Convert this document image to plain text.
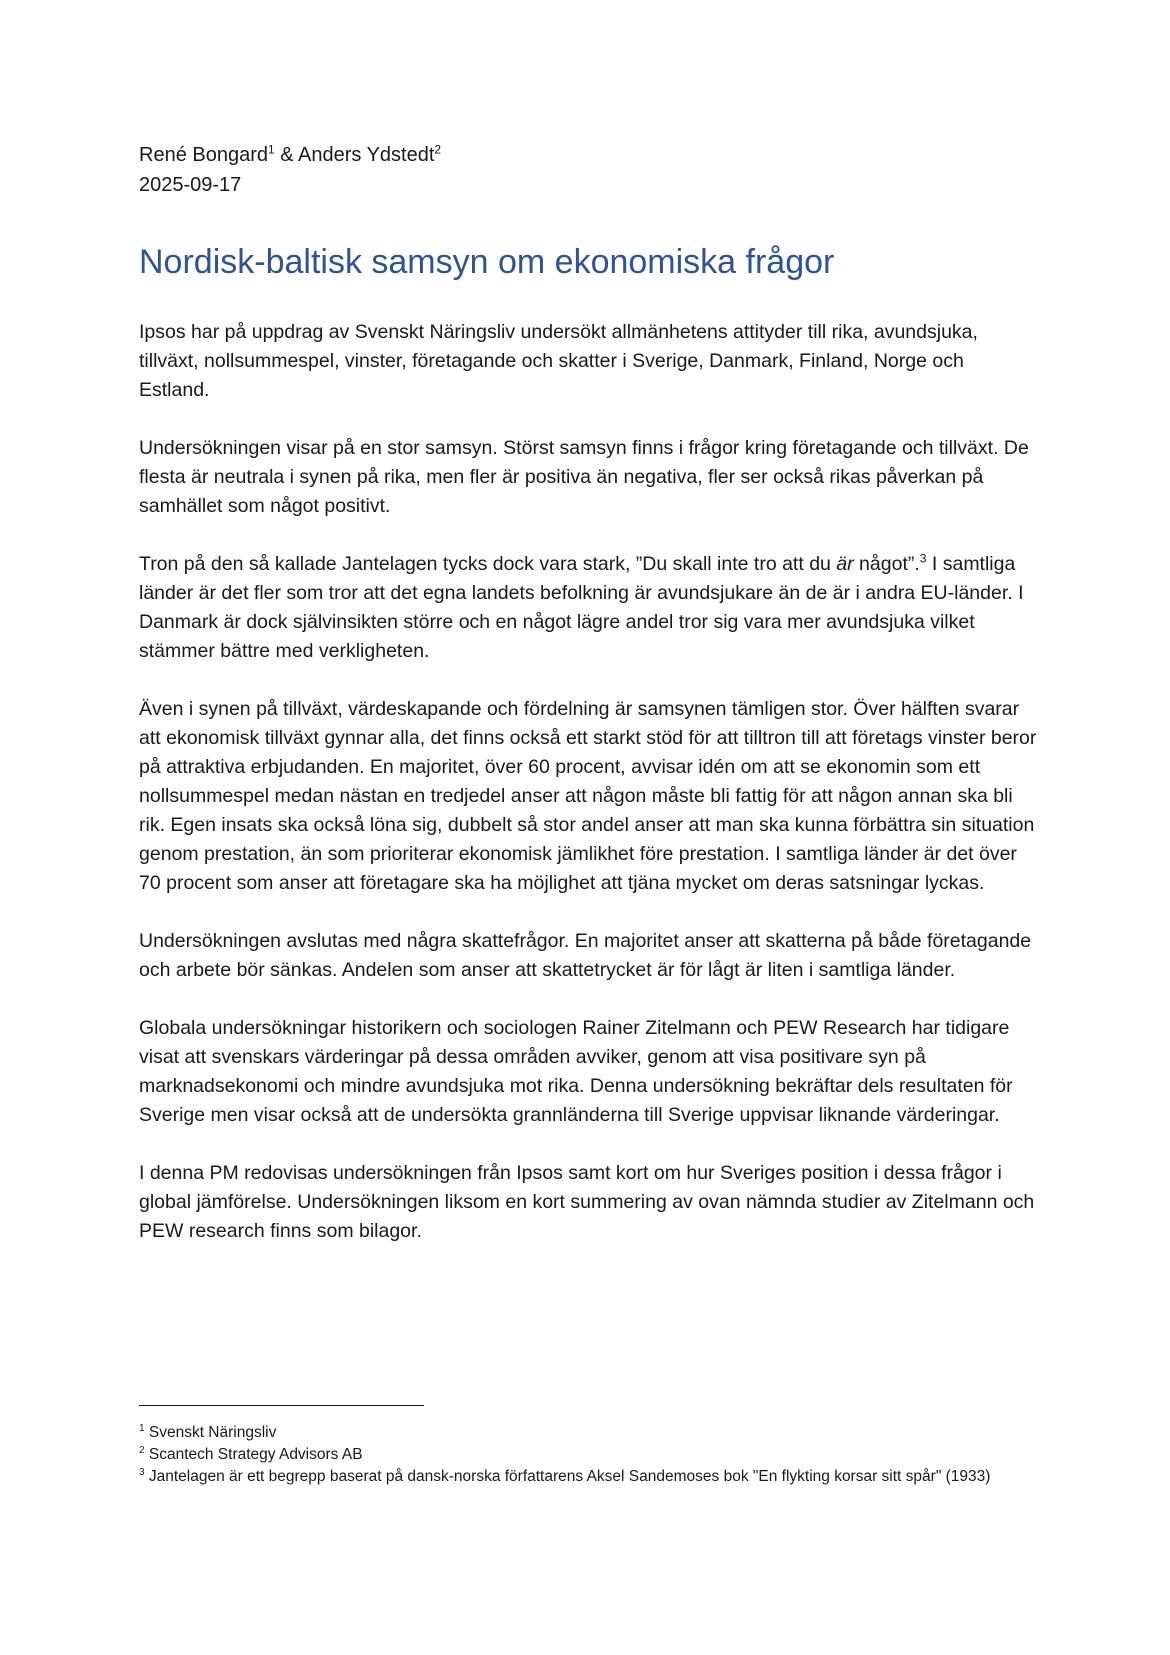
René Bongard$^1$ & Anders Ydstedt$^2$

2025-09-17

Nordisk-baltisk samsyn om ekonomiska frågor

Ipsos har på uppdrag av Svenskt Näringsliv undersökt allmänhetens attityder till rika, avundsjuka, tillväxt, nollsummespel, vinster, företagande och skatter i Sverige, Danmark, Finland, Norge och Estland.

Undersökningen visar på en stor samsyn. Störst samsyn finns i frågor kring företagande och tillväxt. De flesta är neutrala i synen på rika, men fler är positiva än negativa, fler ser också rikas påverkan på samhället som något positivt.

Tron på den så kallade Jantelagen tycks dock vara stark, ”Du skall inte tro att du är något”.$^3$ I samtliga länder är det fler som tror att det egna landets befolkning är avundsjukare än de är i andra EU-länder. I Danmark är dock självinsikten större och en något lägre andel tror sig vara mer avundsjuka vilket stämmer bättre med verkligheten.

Även i synen på tillväxt, värdeskapande och fördelning är samsynen tämligen stor. Över hälften svarar att ekonomisk tillväxt gynnar alla, det finns också ett starkt stöd för att tilltron till att företags vinster beror på attraktiva erbjudanden. En majoritet, över 60 procent, avvisar idén om att se ekonomin som ett nollsummespel medan nästan en tredjedel anser att någon måste bli fattig för att någon annan ska bli rik. Egen insats ska också löna sig, dubbelt så stor andel anser att man ska kunna förbättra sin situation genom prestation, än som prioriterar ekonomisk jämlikhet före prestation. I samtliga länder är det över 70 procent som anser att företagare ska ha möjlighet att tjäna mycket om deras satsningar lyckas.

Undersökningen avslutas med några skattefrågor. En majoritet anser att skatterna på både företagande och arbete bör sänkas. Andelen som anser att skattetrycket är för lågt är liten i samtliga länder.

Globala undersökningar historikern och sociologen Rainer Zitelmann och PEW Research har tidigare visat att svenskars värderingar på dessa områden avviker, genom att visa positivare syn på marknadsekonomi och mindre avundsjuka mot rika. Denna undersökning bekräftar dels resultaten för Sverige men visar också att de undersökta grannländerna till Sverige uppvisar liknande värderingar.

I denna PM redovisas undersökningen från Ipsos samt kort om hur Sveriges position i dessa frågor i global jämförelse. Undersökningen liksom en kort summering av ovan nämnda studier av Zitelmann och PEW research finns som bilagor.

$^1$ Svenskt Näringsliv

$^2$ Scantech Strategy Advisors AB

$^3$ Jantelagen är ett begrepp baserat på dansk-norska författarens Aksel Sandemoses bok "En flykting korsar sitt spår" (1933)
